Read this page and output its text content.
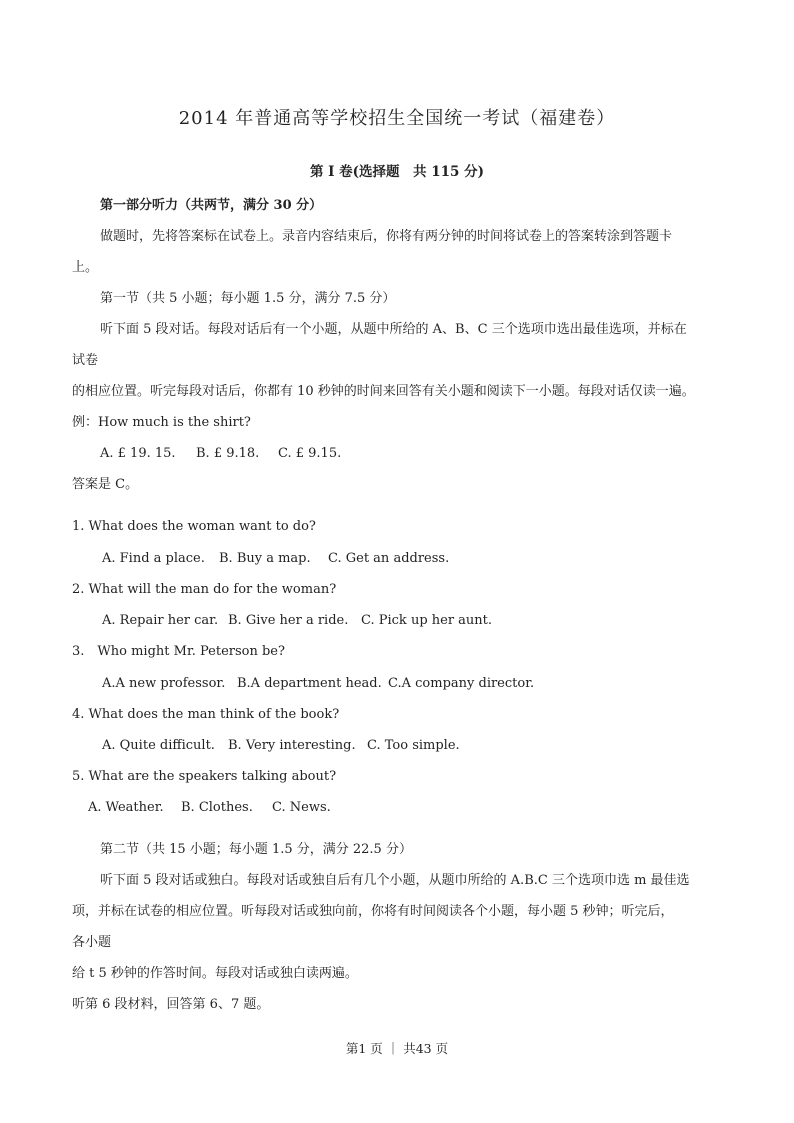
2014 年普通高等学校招生全国统一考试（福建卷）
第 I 卷(选择题　共 115 分)
第一部分听力（共两节，满分 30 分）
做题时，先将答案标在试卷上。录音内容结束后，你将有两分钟的时间将试卷上的答案转涂到答题卡
上。
第一节（共 5 小题；每小题 1.5 分，满分 7.5 分）
听下面 5 段对话。每段对话后有一个小题，从题中所给的 A、B、C 三个选项巾选出最佳选项，并标在
试卷
的相应位置。听完每段对话后，你都有 10 秒钟的时间来回答有关小题和阅读下一小题。每段对话仅读一遍。
例：How much is the shirt?
A. £ 19. 15. B. £ 9.18. C. £ 9.15.
答案是 C。
1. What does the woman want to do?
A. Find a place. B. Buy a map. C. Get an address.
2. What will the man do for the woman?
A. Repair her car. B. Give her a ride. C. Pick up her aunt.
3.　Who might Mr. Peterson be?
A.A new professor. B.A department head. C.A company director.
4. What does the man think of the book?
A. Quite difficult. B. Very interesting. C. Too simple.
5. What are the speakers talking about?
A. Weather. B. Clothes. C. News.
第二节（共 15 小题；每小题 1.5 分，满分 22.5 分）
听下面 5 段对话或独白。每段对话或独自后有几个小题，从题巾所给的 A.B.C 三个选项巾选 m 最佳选
项，并标在试卷的相应位置。听每段对话或独向前，你将有时间阅读各个小题，每小题 5 秒钟；听完后，
各小题
给 t 5 秒钟的作答时间。每段对话或独白读两遍。
听第 6 段材料，回答第 6、7 题。
第1 页 ｜ 共43 页
